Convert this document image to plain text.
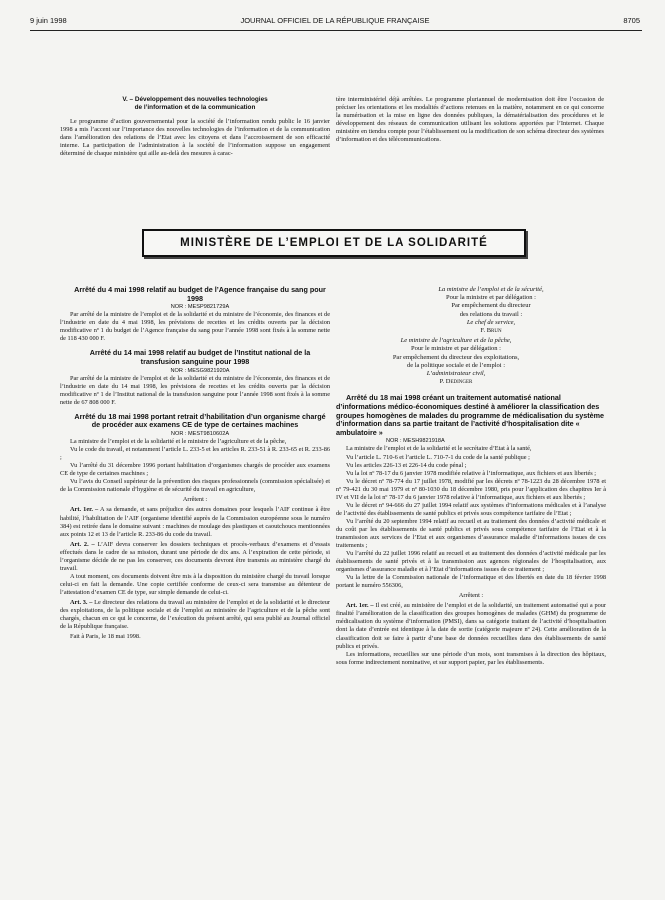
9 juin 1998	JOURNAL OFFICIEL DE LA RÉPUBLIQUE FRANÇAISE	8705
V. – Développement des nouvelles technologies
de l’information et de la communication

Le programme d’action gouvernemental pour la société de l’information rendu public le 16 janvier 1998 a mis l’accent sur l’importance des nouvelles technologies de l’information et de la communication dans l’amélioration des relations de l’Etat avec les citoyens et dans l’accroissement de son efficacité interne. La participation de l’administration à la société de l’information suppose un engagement déterminé de chaque ministère qui aille au-delà des mesures à carac-

tère interministériel déjà arrêtées. Le programme pluriannuel de modernisation doit être l’occasion de préciser les orientations et les modalités d’actions retenues en la matière, notamment en ce qui concerne la numérisation et la mise en ligne des données publiques, la dématérialisation des procédures et le développement des réseaux de communication utilisant les solutions apportées par l’Internet. Chaque ministère en tiendra compte pour l’établissement ou la modification de son schéma directeur des systèmes d’information et des télécommunications.

MINISTÈRE DE L’EMPLOI ET DE LA SOLIDARITÉ

Arrêté du 4 mai 1998 relatif au budget de l’Agence française du sang pour 1998

NOR : MESP9821729A

Par arrêté de la ministre de l’emploi et de la solidarité et du ministre de l’économie, des finances et de l’industrie en date du 4 mai 1998, les prévisions de recettes et les crédits ouverts par la décision modificative nº 1 du budget de l’Agence française du sang pour l’année 1998 sont fixés à la somme nette de 118 430 000 F.

Arrêté du 14 mai 1998 relatif au budget de l’Institut national de la transfusion sanguine pour 1998

NOR : MESG9821920A

Par arrêté de la ministre de l’emploi et de la solidarité et du ministre de l’économie, des finances et de l’industrie en date du 14 mai 1998, les prévisions de recettes et les crédits ouverts par la décision modificative nº 1 de l’Institut national de la transfusion sanguine pour l’année 1998 sont fixés à la somme nette de 67 808 000 F.

Arrêté du 18 mai 1998 portant retrait d’habilitation d’un organisme chargé de procéder aux examens CE de type de certaines machines

NOR : MEST9810602A

La ministre de l’emploi et de la solidarité et le ministre de l’agriculture et de la pêche,

Vu le code du travail, et notamment l’article L. 233-5 et les articles R. 233-51 à R. 233-65 et R. 233-86 ;

Vu l’arrêté du 31 décembre 1996 portant habilitation d’organismes chargés de procéder aux examens CE de type de certaines machines ;

Vu l’avis du Conseil supérieur de la prévention des risques professionnels (commission spécialisée) et de la Commission nationale d’hygiène et de sécurité du travail en agriculture,

Arrêtent :

Art. 1er. – A sa demande, et sans préjudice des autres domaines pour lesquels l’AIF continue à être habilité, l’habilitation de l’AIF (organisme identifié auprès de la Commission européenne sous le numéro 384) est retirée dans le domaine suivant : machines de moulage des plastiques et caoutchoucs mentionnées aux points 12 et 13 de l’article R. 233-86 du code du travail.

Art. 2. – L’AIF devra conserver les dossiers techniques et procès-verbaux d’examens et d’essais effectués dans le cadre de sa mission, durant une période de dix ans. A l’expiration de cette période, si l’organisme décide de ne pas les conserver, ces documents devront être transmis au ministère chargé du travail.

A tout moment, ces documents doivent être mis à la disposition du ministère chargé du travail lorsque celui-ci en fait la demande. Une copie certifiée conforme de ceux-ci sera transmise au détenteur de l’attestation d’examen CE de type, sur simple demande de celui-ci.

Art. 3. – Le directeur des relations du travail au ministère de l’emploi et de la solidarité et le directeur des exploitations, de la politique sociale et de l’emploi au ministère de l’agriculture et de la pêche sont chargés, chacun en ce qui le concerne, de l’exécution du présent arrêté, qui sera publié au Journal officiel de la République française.

Fait à Paris, le 18 mai 1998.

La ministre de l’emploi et de la sécurité,

Pour la ministre et par délégation :

Par empêchement du directeur

des relations du travail :

Le chef de service,

F. Brun

Le ministre de l’agriculture et de la pêche,

Pour le ministre et par délégation :

Par empêchement du directeur des exploitations,

de la politique sociale et de l’emploi :

L’administrateur civil,

P. Dedinger

Arrêté du 18 mai 1998 créant un traitement automatisé national d’informations médico-économiques destiné à améliorer la classification des groupes homogènes de malades du programme de médicalisation du système d’information dans sa partie traitant de l’activité d’hospitalisation dite « ambulatoire »

NOR : MESH9821918A

La ministre de l’emploi et de la solidarité et le secrétaire d’Etat à la santé,

Vu l’article L. 710-6 et l’article L. 710-7-1 du code de la santé publique ;

Vu les articles 226-13 et 226-14 du code pénal ;

Vu la loi nº 78-17 du 6 janvier 1978 modifiée relative à l’informatique, aux fichiers et aux libertés ;

Vu le décret nº 78-774 du 17 juillet 1978, modifié par les décrets nº 78-1223 du 28 décembre 1978 et nº 79-421 du 30 mai 1979 et nº 80-1030 du 18 décembre 1980, pris pour l’application des chapitres Ier à IV et VII de la loi nº 78-17 du 6 janvier 1978 relative à l’informatique, aux fichiers et aux libertés ;

Vu le décret nº 94-666 du 27 juillet 1994 relatif aux systèmes d’informations médicales et à l’analyse de l’activité des établissements de santé publics et privés sous compétence tarifaire de l’Etat ;

Vu l’arrêté du 20 septembre 1994 relatif au recueil et au traitement des données d’activité médicale et du coût par les établissements de santé publics et privés sous compétence tarifaire de l’Etat et à la transmission aux services de l’Etat et aux organismes d’assurance maladie d’informations issues de ces traitements ;

Vu l’arrêté du 22 juillet 1996 relatif au recueil et au traitement des données d’activité médicale par les établissements de santé privés et à la transmission aux agences régionales de l’hospitalisation, aux organismes d’assurance maladie et à l’Etat d’informations issues de ce traitement ;

Vu la lettre de la Commission nationale de l’informatique et des libertés en date du 18 février 1998 portant le numéro 556306,

Arrêtent :

Art. 1er. – Il est créé, au ministère de l’emploi et de la solidarité, un traitement automatisé qui a pour finalité l’amélioration de la classification des groupes homogènes de malades (GHM) du programme de médicalisation du système d’information (PMSI), dans sa catégorie traitant de l’activité d’hospitalisation dont la date d’entrée est identique à la date de sortie (catégorie majeure nº 24). Cette amélioration de la classification doit se faire à partir d’une base de données recueillies dans des établissements de santé publics et privés.

Les informations, recueillies sur une période d’un mois, sont transmises à la direction des hôpitaux, sous forme indirectement nominative, et sur support papier, par les établissements.
